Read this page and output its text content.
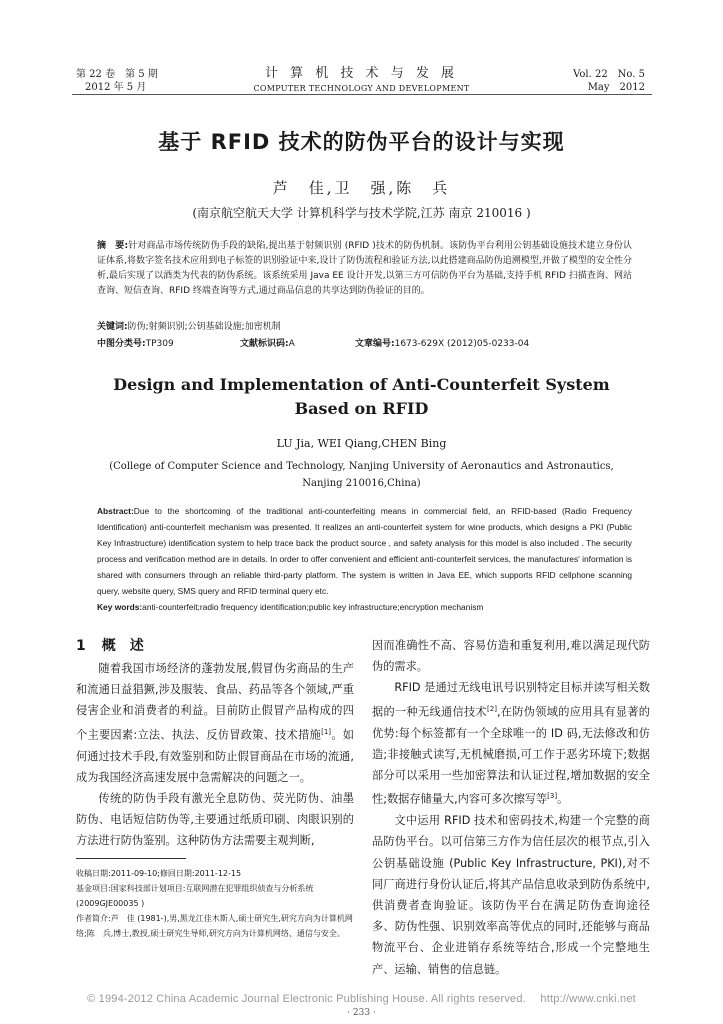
第 22 卷　第 5 期
2012 年 5 月
计 算 机 技 术 与 发 展
COMPUTER TECHNOLOGY AND DEVELOPMENT
Vol. 22　No. 5
May　2012
基于 RFID 技术的防伪平台的设计与实现
芦　佳,卫　强,陈　兵
(南京航空航天大学 计算机科学与技术学院,江苏 南京 210016 )
摘　要:针对商品市场传统防伪手段的缺陷,提出基于射频识别 (RFID )技术的防伪机制。该防伪平台利用公钥基础设施技术建立身份认证体系,将数字签名技术应用到电子标签的识别验证中来,设计了防伪流程和验证方法,以此搭建商品防伪追溯模型,并做了模型的安全性分析,最后实现了以酒类为代表的防伪系统。该系统采用 Java EE 设计开发,以第三方可信防伪平台为基础,支持手机 RFID 扫描查询、网站查询、短信查询、RFID 终端查询等方式,通过商品信息的共享达到防伪验证的目的。
关键词:防伪;射频识别;公钥基础设施;加密机制
中图分类号:TP309	文献标识码:A	文章编号:1673-629X (2012)05-0233-04
Design and Implementation of Anti-Counterfeit System
Based on RFID
LU Jia, WEI Qiang,CHEN Bing
(College of Computer Science and Technology, Nanjing University of Aeronautics and Astronautics,
Nanjing 210016,China)
Abstract:Due to the shortcoming of the traditional anti-counterfeiting means in commercial field, an RFID-based (Radio Frequency Identification) anti-counterfeit mechanism was presented. It realizes an anti-counterfeit system for wine products, which designs a PKI (Public Key Infrastructure) identification system to help trace back the product source , and safety analysis for this model is also included . The security process and verification method are in details. In order to offer convenient and efficient anti-counterfeit services, the manufactures' information is shared with consumers through an reliable third-party platform. The system is written in Java EE, which supports RFID cellphone scanning query, website query, SMS query and RFID terminal query etc.
Key words:anti-counterfeit;radio frequency identification;public key infrastructure;encryption mechanism
1 概　述

随着我国市场经济的蓬勃发展,假冒伪劣商品的生产和流通日益猖獗,涉及服装、食品、药品等各个领域,严重侵害企业和消费者的利益。目前防止假冒产品构成的四个主要因素:立法、执法、反仿冒政策、技术措施[1]。如何通过技术手段,有效鉴别和防止假冒商品在市场的流通,成为我国经济高速发展中急需解决的问题之一。

传统的防伪手段有激光全息防伪、荧光防伪、油墨防伪、电话短信防伪等,主要通过纸质印刷、肉眼识别的方法进行防伪鉴别。这种防伪方法需要主观判断,

因而准确性不高、容易仿造和重复利用,难以满足现代防伪的需求。

RFID 是通过无线电讯号识别特定目标并读写相关数据的一种无线通信技术[2],在防伪领域的应用具有显著的优势:每个标签都有一个全球唯一的 ID 码,无法修改和仿造;非接触式读写,无机械磨损,可工作于恶劣环境下;数据部分可以采用一些加密算法和认证过程,增加数据的安全性;数据存储量大,内容可多次擦写等[3]。

文中运用 RFID 技术和密码技术,构建一个完整的商品防伪平台。以可信第三方作为信任层次的根节点,引入公钥基础设施 (Public Key Infrastructure, PKI),对不同厂商进行身份认证后,将其产品信息收录到防伪系统中,供消费者查询验证。该防伪平台在满足防伪查询途径多、防伪性强、识别效率高等优点的同时,还能够与商品物流平台、企业进销存系统等结合,形成一个完整地生产、运输、销售的信息链。

收稿日期:2011-09-10;修回日期:2011-12-15
基金项目:国家科技部计划项目:互联网潜在犯罪组织侦查与分析系统 (2009GJE00035 )
作者简介:芦　佳 (1981-),男,黑龙江佳木斯人,硕士研究生,研究方向为计算机网络;陈　兵,博士,教授,硕士研究生导师,研究方向为计算机网络、通信与安全。
© 1994-2012 China Academic Journal Electronic Publishing House. All rights reserved.　 http://www.cnki.net
· 233 ·
